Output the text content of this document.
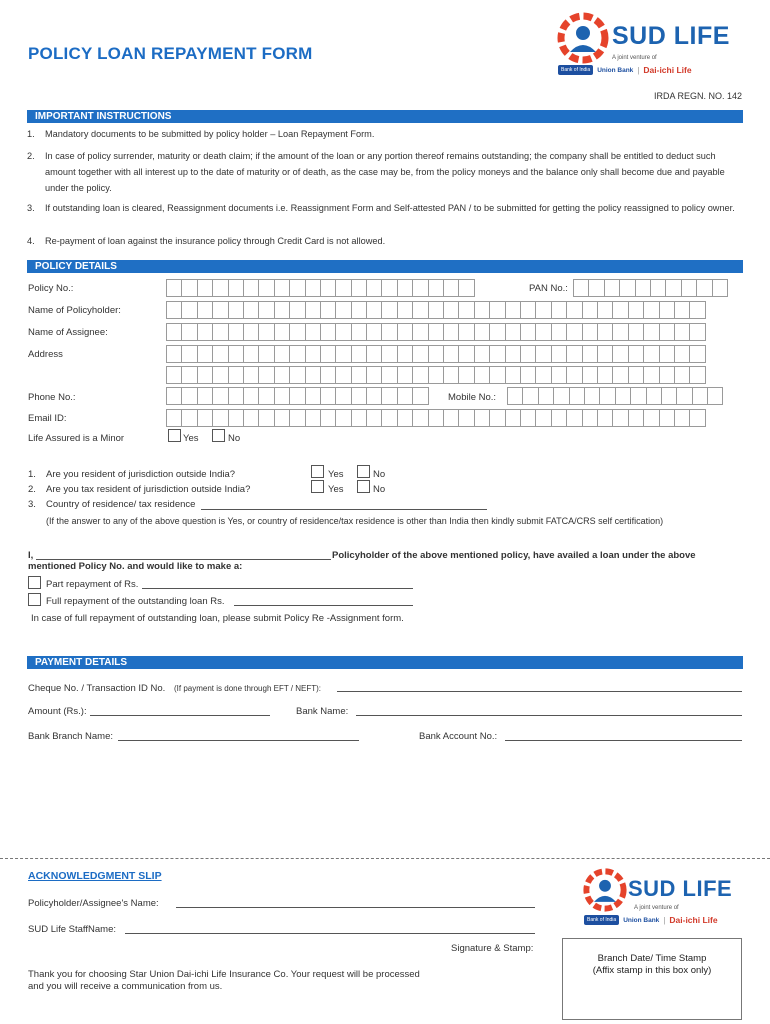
POLICY LOAN REPAYMENT FORM
SUD LIFE
A joint venture of
Bank of India	Union Bank | Dai-ichi Life
IRDA REGN. NO. 142
IMPORTANT INSTRUCTIONS
1. Mandatory documents to be submitted by policy holder – Loan Repayment Form.
2. In case of policy surrender, maturity or death claim; if the amount of the loan or any portion thereof remains outstanding; the company shall be entitled to deduct such amount together with all interest up to the date of maturity or of death, as the case may be, from the policy moneys and the balance only shall become due and payable under the policy.
3. If outstanding loan is cleared, Reassignment documents i.e. Reassignment Form and Self-attested PAN / to be submitted for getting the policy reassigned to policy owner.
4. Re-payment of loan against the insurance policy through Credit Card is not allowed.
POLICY DETAILS
Policy No.:	PAN No.:
Name of Policyholder:
Name of Assignee:
Address
Phone No.:	Mobile No.:
Email ID:
Life Assured is a Minor	Yes	No
1. Are you resident of jurisdiction outside India?	Yes	No
2. Are you tax resident of jurisdiction outside India?	Yes	No
3. Country of residence/ tax residence
(If the answer to any of the above question is Yes, or country of residence/tax residence is other than India then kindly submit FATCA/CRS self certification)
I,	Policyholder of the above mentioned policy, have availed a loan under the above
mentioned Policy No. and would like to make a:
Part repayment of Rs.
Full repayment of the outstanding loan Rs.
In case of full repayment of outstanding loan, please submit Policy Re -Assignment form.
PAYMENT DETAILS
Cheque No. / Transaction ID No. (If payment is done through EFT / NEFT):
Amount (Rs.):	Bank Name:
Bank Branch Name:	Bank Account No.:
ACKNOWLEDGMENT SLIP	SUD LIFE
A joint venture of
Bank of India	Union Bank | Dai-ichi Life
Policyholder/Assignee's Name:
SUD Life StaffName:
Signature & Stamp:
Thank you for choosing Star Union Dai-ichi Life Insurance Co. Your request will be processed
and you will receive a communication from us.
Branch Date/ Time Stamp
(Affix stamp in this box only)
